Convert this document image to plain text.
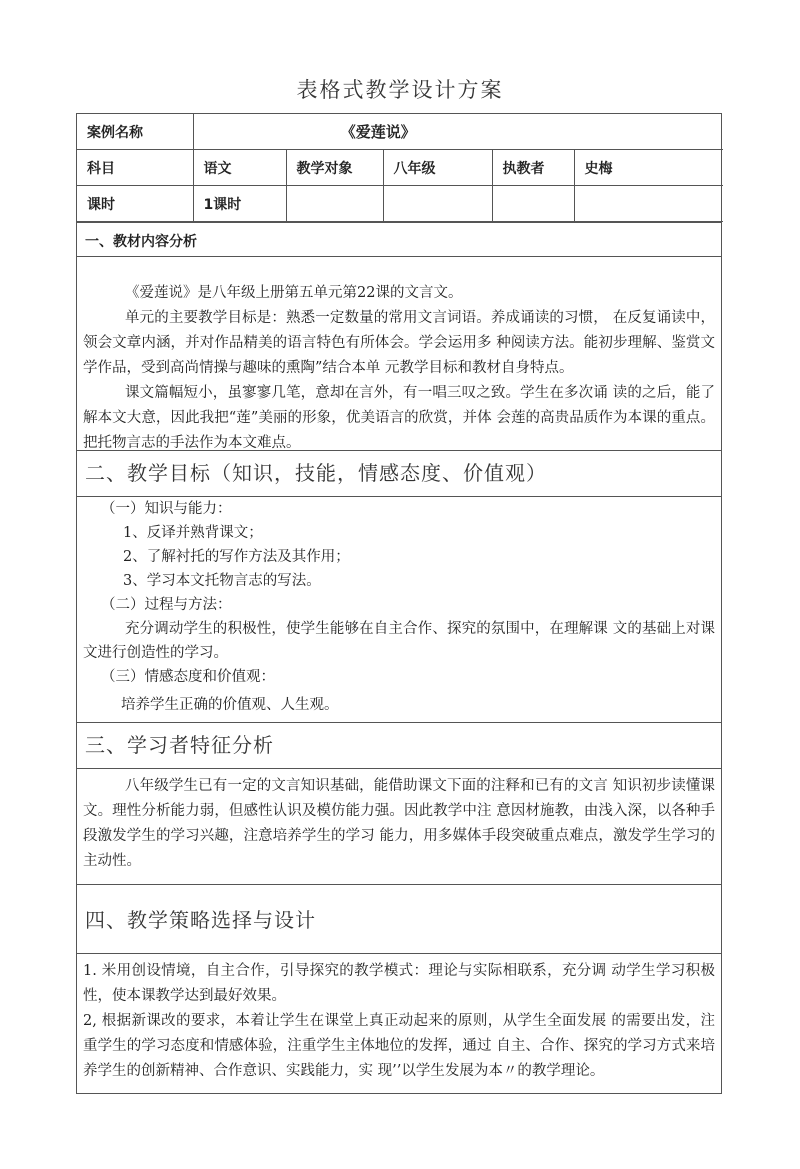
表格式教学设计方案
案例名称	《爱莲说》				
科目	语文	教学对象	八年级	执教者	史梅
课时	1课时				
一、教材内容分析

《爱莲说》是八年级上册第五单元第22课的文言文。

单元的主要教学目标是：熟悉一定数量的常用文言词语。养成诵读的习惯， 在反复诵读中，领会文章内涵，并对作品精美的语言特色有所体会。学会运用多 种阅读方法。能初步理解、鉴赏文学作品，受到高尚情操与趣味的熏陶”结合本单 元教学目标和教材自身特点。

课文篇幅短小，虽寥寥几笔，意却在言外，有一唱三叹之致。学生在多次诵 读的之后，能了解本文大意，因此我把“莲”美丽的形象，优美语言的欣赏，并体 会莲的高贵品质作为本课的重点。把托物言志的手法作为本文难点。

二、教学目标（知识，技能，情感态度、价值观）

（一）知识与能力：

1、反译并熟背课文；

2、了解衬托的写作方法及其作用；

3、学习本文托物言志的写法。

（二）过程与方法：

充分调动学生的积极性，使学生能够在自主合作、探究的氛围中，在理解课 文的基础上对课文进行创造性的学习。

（三）情感态度和价值观：

培养学生正确的价值观、人生观。

三、学习者特征分析

八年级学生已有一定的文言知识基础，能借助课文下面的注释和已有的文言 知识初步读懂课文。理性分析能力弱，但感性认识及模仿能力强。因此教学中注 意因材施教，由浅入深，以各种手段激发学生的学习兴趣，注意培养学生的学习 能力，用多媒体手段突破重点难点，激发学生学习的主动性。

四、教学策略选择与设计

1. 米用创设情境，自主合作，引导探究的教学模式：理论与实际相联系，充分调 动学生学习积极性，使本课教学达到最好效果。

2, 根据新课改的要求，本着让学生在课堂上真正动起来的原则，从学生全面发展 的需要出发，注重学生的学习态度和情感体验，注重学生主体地位的发挥，通过 自主、合作、探究的学习方式来培养学生的创新精神、合作意识、实践能力，实 现’’以学生发展为本〃的教学理论。
